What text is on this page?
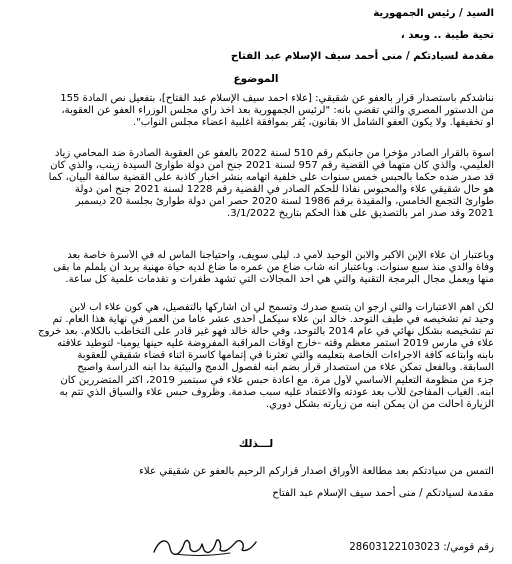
السيد / رئيس الجمهورية
تحية طيبة .. وبعد ،
مقدمة لسيادتكم / منى أحمد سيف الإسلام عبد الفتاح
الموضوع
نناشدكم باستصدار قرار بالعفو عن شقيقي: [علاء أحمد سيف الإسلام عبد الفتاح]، بتفعيل نص المادة 155
من الدستور المصري والتي تقضي بأنه: "لرئيس الجمهورية بعد أخذ رأي مجلس الوزراء العفو عن العقوبة،
أو تخفيفها. ولا يكون العفو الشامل الا بقانون، يُقر بموافقة أغلبية أعضاء مجلس النواب".
أسوة بالقرار الصادر مؤخرا من جانبكم رقم 510 لسنة 2022 بالعفو عن العقوبة الصادرة ضد المحامي زياد
العليمي، والذي كان متهما في القضية رقم 957 لسنة 2021 جنح أمن دولة طوارئ السيدة زينب، والذي كان
قد صدر ضده حكما بالحبس خمس سنوات على خلفية اتهامه بنشر أخبار كاذبة على القضية سالفة البيان، كما
هو حال شقيقي علاء والمحبوس نفاذا للحكم الصادر في القضية رقم 1228 لسنة 2021 جنح أمن دولة
طوارئ التجمع الخامس، والمقيدة برقم 1986 لسنة 2020 حصر أمن دولة طوارئ بجلسة 20 ديسمبر
2021 وقد صدر أمر بالتصديق على هذا الحكم بتاريخ 3/1/2022.
وباعتبار أن علاء الإبن الأكبر والابن الوحيد لأمي د. ليلى سويف، واحتياجنا الماس له في الأسرة خاصة بعد
وفاة والدي منذ سبع سنوات. وباعتبار أنه شاب ضاع من عمره ما ضاع لديه حياة مهنية يريد أن يلملم ما بقى
منها ويعمل مجال البرمجة التقنية والتي هي أحد المجالات التي تشهد طفرات و تقدمات علمية كل ساعة.
لكن أهم الاعتبارات والتي أرجو أن يتسع صدرك وتسمح لي أن أشاركها بالتفصيل، هي كون علاء أب لابن
وحيد تم تشخيصه في طيف التوحد. خالد ابن علاء سيكمل احدى عشر عاما من العمر في نهاية هذا العام. تم
تم تشخيصه بشكل نهائي في عام 2014 بالتوحد، وفي حالة خالد فهو غير قادر على التخاطب بالكلام. بعد خروج
علاء في مارس 2019 استمر معظم وقته -خارج أوقات المراقبة المفروضة عليه حينها يوميا- لتوطيد علاقته
بابنه وابتاعه كافة الاجراءات الخاصة بتعليمه والتي تعثرنا في إتمامها كأسرة أثناء قضاء شقيقي للعقوبة
السابقة. وبالفعل تمكن علاء من استصدار قرار بضم ابنه لفصول الدمج والبيئية بدأ ابنه الدراسة واصبح
جزء من منظومة التعليم الأساسي لأول مرة. مع اعادة حبس علاء في سبتمبر 2019، أكثر المتضررين كان
ابنه. الغياب المفاجئ للأب بعد عودته والاعتماد عليه سبب صدمة. وظروف حبس علاء والسياق الذي تتم به
الزيارة أحالت من أن يمكن ابنه من زيارته بشكل دوري.
لـــذلك
التمس من سيادتكم بعد مطالعة الأوراق اصدار قراركم الرحيم بالعفو عن شقيقي علاء
مقدمة لسيادتكم / منى أحمد سيف الإسلام عبد الفتاح
رقم قومي/: 28603122103023
